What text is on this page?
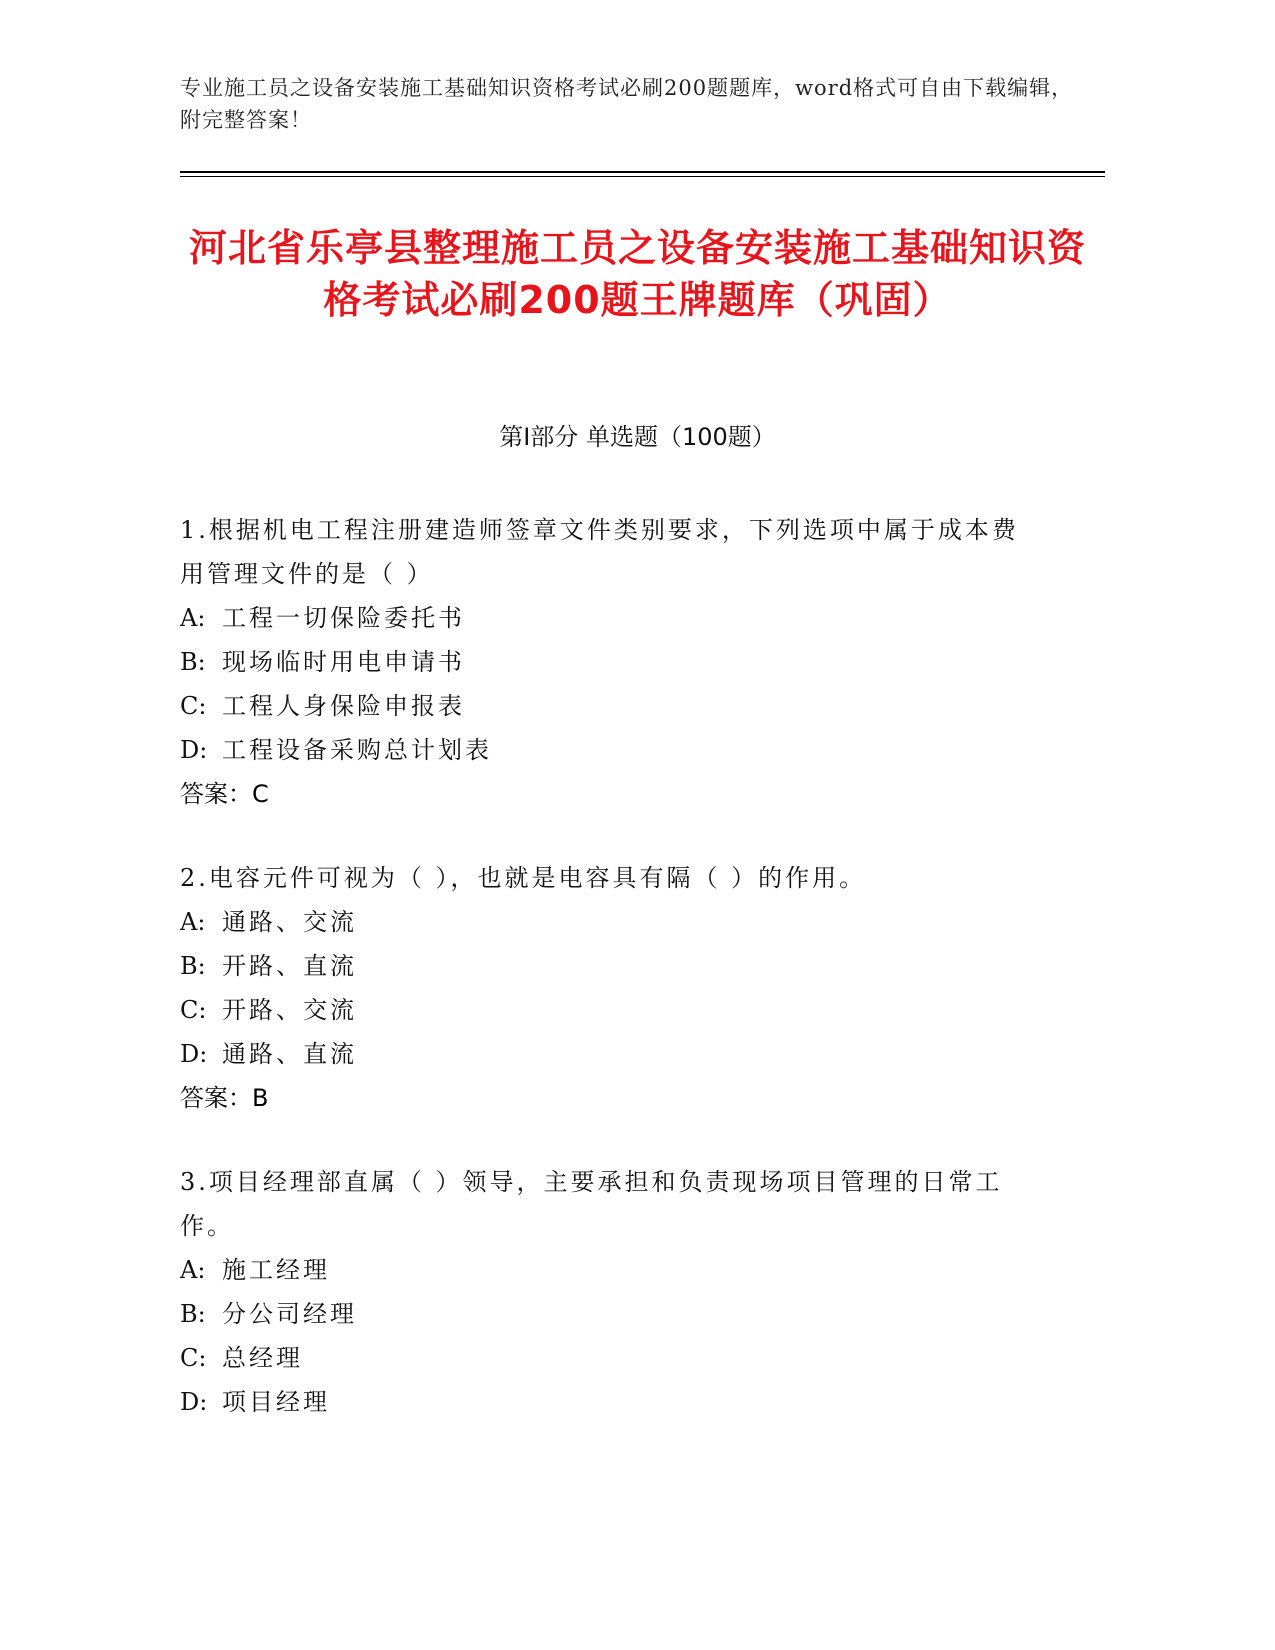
专业施工员之设备安装施工基础知识资格考试必刷200题题库，word格式可自由下载编辑，附完整答案！
河北省乐亭县整理施工员之设备安装施工基础知识资格考试必刷200题王牌题库（巩固）
第I部分 单选题（100题）

1.根据机电工程注册建造师签章文件类别要求，下列选项中属于成本费用管理文件的是（ ）

A: 工程一切保险委托书

B: 现场临时用电申请书

C: 工程人身保险申报表

D: 工程设备采购总计划表

答案：C

2.电容元件可视为（ ），也就是电容具有隔（ ）的作用。

A: 通路、交流

B: 开路、直流

C: 开路、交流

D: 通路、直流

答案：B

3.项目经理部直属（ ）领导，主要承担和负责现场项目管理的日常工作。

A: 施工经理

B: 分公司经理

C: 总经理

D: 项目经理
